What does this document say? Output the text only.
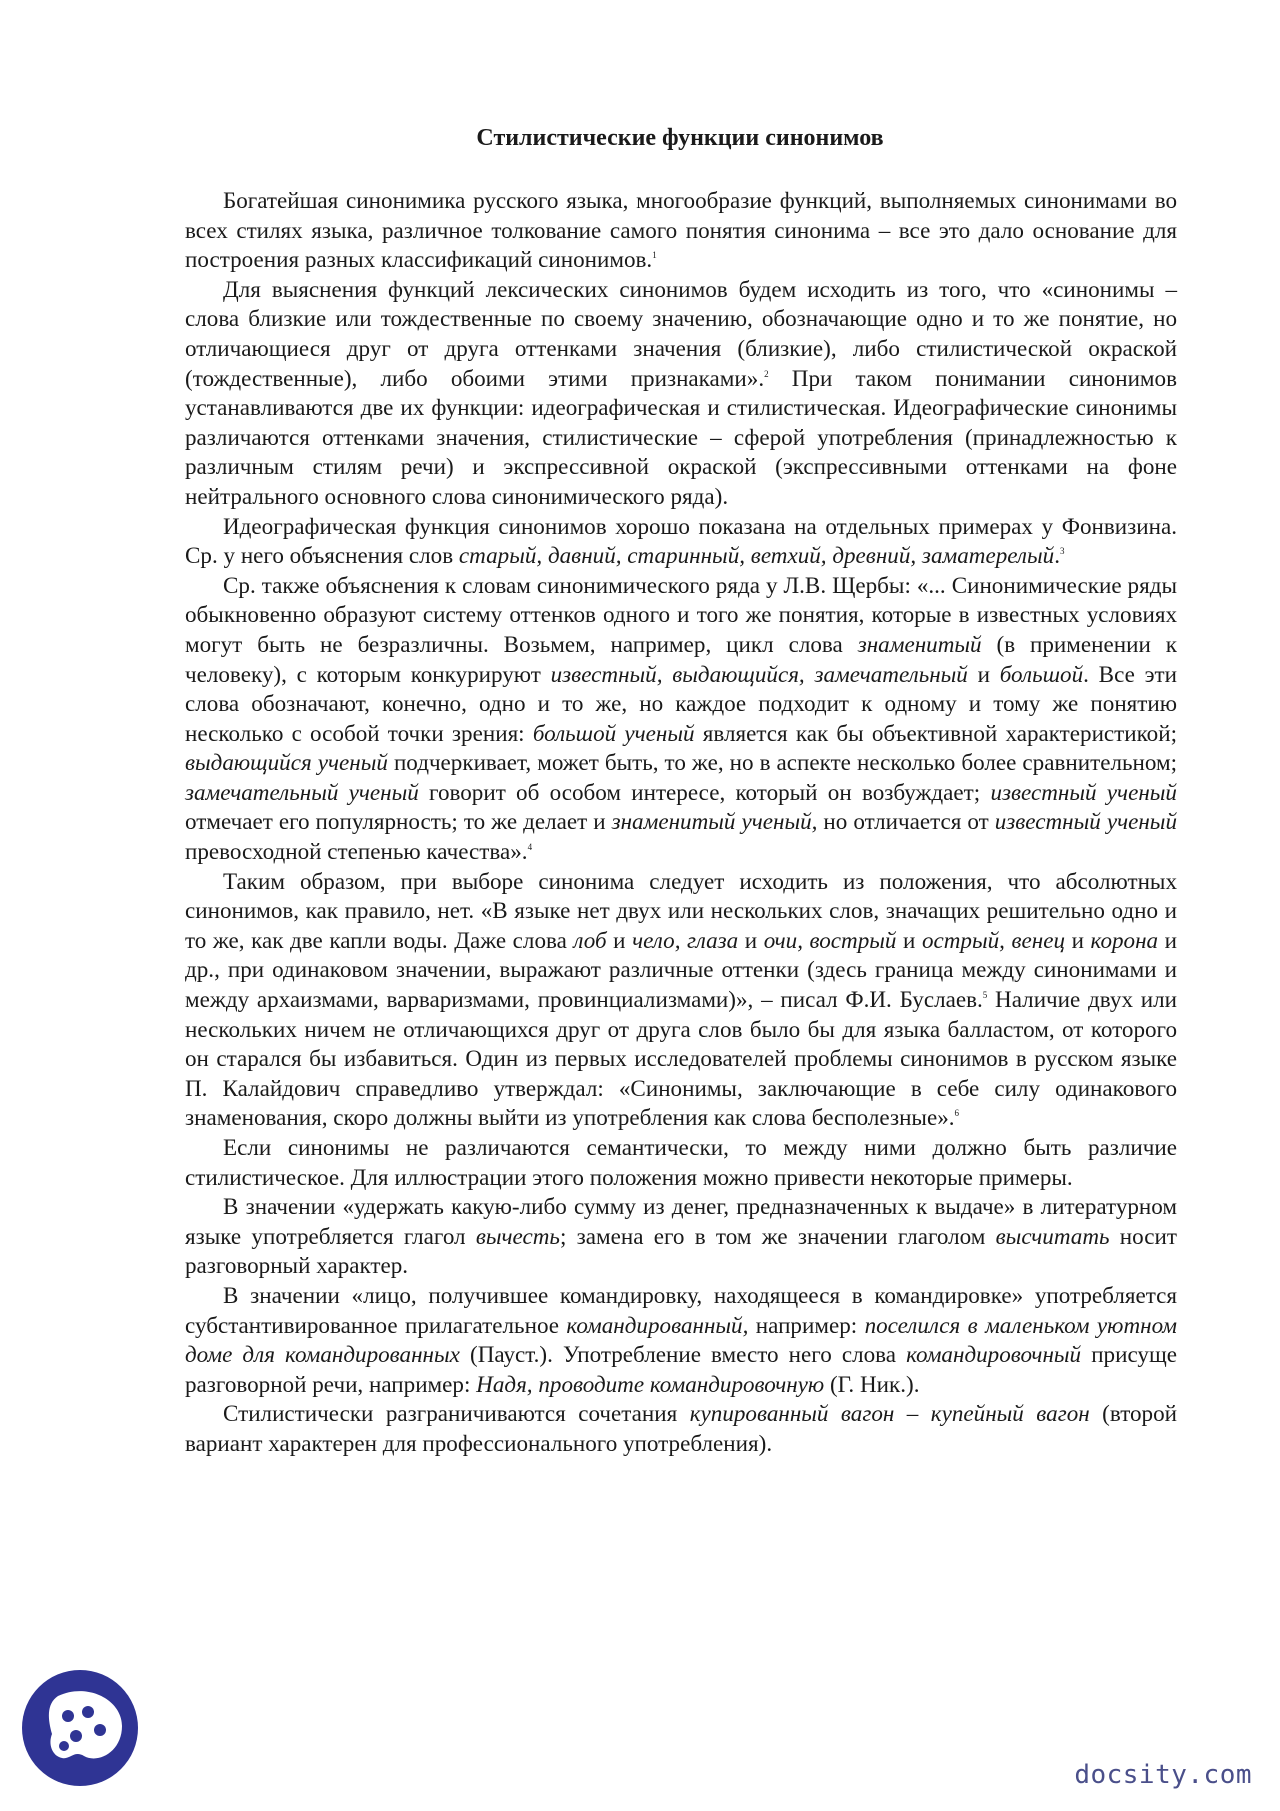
Стилистические функции синонимов

Богатейшая синонимика русского языка, многообразие функций, выполняемых синонимами во всех стилях языка, различное толкование самого понятия синонима – все это дало основание для построения разных классификаций синонимов.$^1$

Для выяснения функций лексических синонимов будем исходить из того, что «синонимы – слова близкие или тождественные по своему значению, обозначающие одно и то же понятие, но отличающиеся друг от друга оттенками значения (близкие), либо стилистической окраской (тождественные), либо обоими этими признаками».$^2$ При таком понимании синонимов устанавливаются две их функции: идеографическая и стилистическая. Идеографические синонимы различаются оттенками значения, стилистические – сферой употребления (принадлежностью к различным стилям речи) и экспрессивной окраской (экспрессивными оттенками на фоне нейтрального основного слова синонимического ряда).

Идеографическая функция синонимов хорошо показана на отдельных примерах у Фонвизина. Ср. у него объяснения слов старый, давний, старинный, ветхий, древний, заматерелый.$^3$

Ср. также объяснения к словам синонимического ряда у Л.В. Щербы: «... Синонимические ряды обыкновенно образуют систему оттенков одного и того же понятия, которые в известных условиях могут быть не безразличны. Возьмем, например, цикл слова знаменитый (в применении к человеку), с которым конкурируют известный, выдающийся, замечательный и большой. Все эти слова обозначают, конечно, одно и то же, но каждое подходит к одному и тому же понятию несколько с особой точки зрения: большой ученый является как бы объективной характеристикой; выдающийся ученый подчеркивает, может быть, то же, но в аспекте несколько более сравнительном; замечательный ученый говорит об особом интересе, который он возбуждает; известный ученый отмечает его популярность; то же делает и знаменитый ученый, но отличается от известный ученый превосходной степенью качества».$^4$

Таким образом, при выборе синонима следует исходить из положения, что абсолютных синонимов, как правило, нет. «В языке нет двух или нескольких слов, значащих решительно одно и то же, как две капли воды. Даже слова лоб и чело, глаза и очи, вострый и острый, венец и корона и др., при одинаковом значении, выражают различные оттенки (здесь граница между синонимами и между архаизмами, варваризмами, провинциализмами)», – писал Ф.И. Буслаев.$^5$ Наличие двух или нескольких ничем не отличающихся друг от друга слов было бы для языка балластом, от которого он старался бы избавиться. Один из первых исследователей проблемы синонимов в русском языке П. Калайдович справедливо утверждал: «Синонимы, заключающие в себе силу одинакового знаменования, скоро должны выйти из употребления как слова бесполезные».$^6$

Если синонимы не различаются семантически, то между ними должно быть различие стилистическое. Для иллюстрации этого положения можно привести некоторые примеры.

В значении «удержать какую-либо сумму из денег, предназначенных к выдаче» в литературном языке употребляется глагол вычесть; замена его в том же значении глаголом высчитать носит разговорный характер.

В значении «лицо, получившее командировку, находящееся в командировке» употребляется субстантивированное прилагательное командированный, например: поселился в маленьком уютном доме для командированных (Пауст.). Употребление вместо него слова командировочный присуще разговорной речи, например: Надя, проводите командировочную (Г. Ник.).

Стилистически разграничиваются сочетания купированный вагон – купейный вагон (второй вариант характерен для профессионального употребления).

docsity.com
